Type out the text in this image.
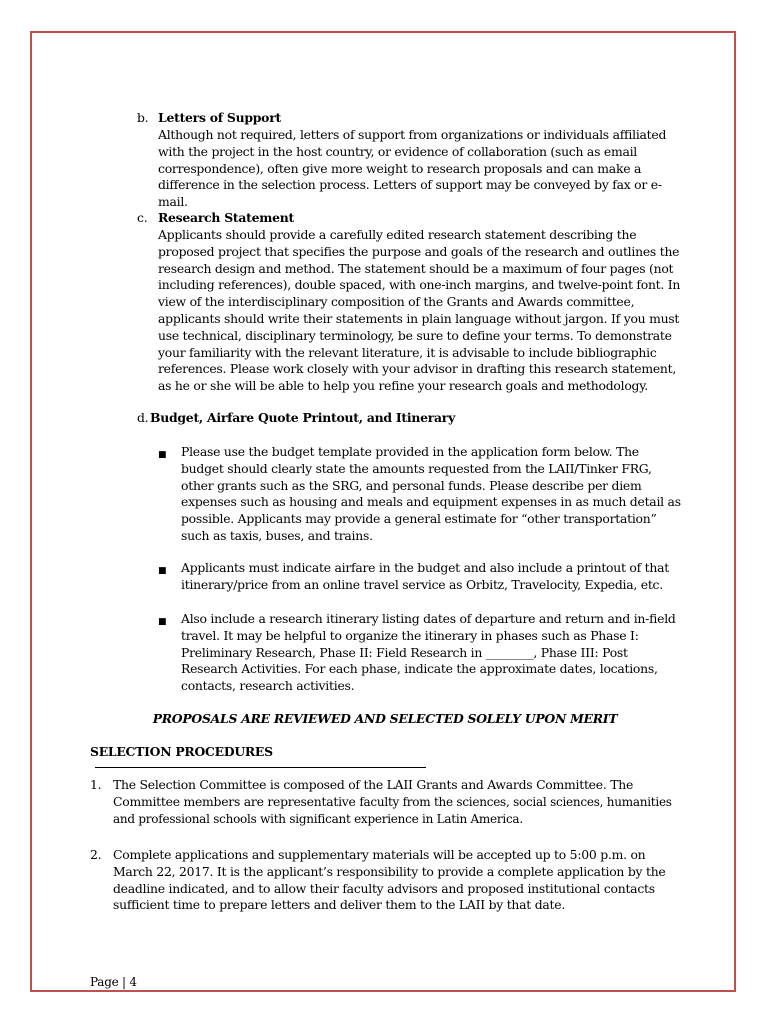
b. Letters of Support
Although not required, letters of support from organizations or individuals affiliated with the project in the host country, or evidence of collaboration (such as email correspondence), often give more weight to research proposals and can make a difference in the selection process. Letters of support may be conveyed by fax or e-mail.
c. Research Statement
Applicants should provide a carefully edited research statement describing the proposed project that specifies the purpose and goals of the research and outlines the research design and method. The statement should be a maximum of four pages (not including references), double spaced, with one-inch margins, and twelve-point font. In view of the interdisciplinary composition of the Grants and Awards committee, applicants should write their statements in plain language without jargon. If you must use technical, disciplinary terminology, be sure to define your terms. To demonstrate your familiarity with the relevant literature, it is advisable to include bibliographic references. Please work closely with your advisor in drafting this research statement, as he or she will be able to help you refine your research goals and methodology.
d. Budget, Airfare Quote Printout, and Itinerary
■ Please use the budget template provided in the application form below. The budget should clearly state the amounts requested from the LAII/Tinker FRG, other grants such as the SRG, and personal funds. Please describe per diem expenses such as housing and meals and equipment expenses in as much detail as possible. Applicants may provide a general estimate for “other transportation” such as taxis, buses, and trains.
■ Applicants must indicate airfare in the budget and also include a printout of that itinerary/price from an online travel service as Orbitz, Travelocity, Expedia, etc.
■ Also include a research itinerary listing dates of departure and return and in-field travel. It may be helpful to organize the itinerary in phases such as Phase I: Preliminary Research, Phase II: Field Research in ________, Phase III: Post Research Activities. For each phase, indicate the approximate dates, locations, contacts, research activities.
PROPOSALS ARE REVIEWED AND SELECTED SOLELY UPON MERIT
SELECTION PROCEDURES
1. The Selection Committee is composed of the LAII Grants and Awards Committee. The Committee members are representative faculty from the sciences, social sciences, humanities and professional schools with significant experience in Latin America.
2. Complete applications and supplementary materials will be accepted up to 5:00 p.m. on March 22, 2017. It is the applicant’s responsibility to provide a complete application by the deadline indicated, and to allow their faculty advisors and proposed institutional contacts sufficient time to prepare letters and deliver them to the LAII by that date.
Page | 4
